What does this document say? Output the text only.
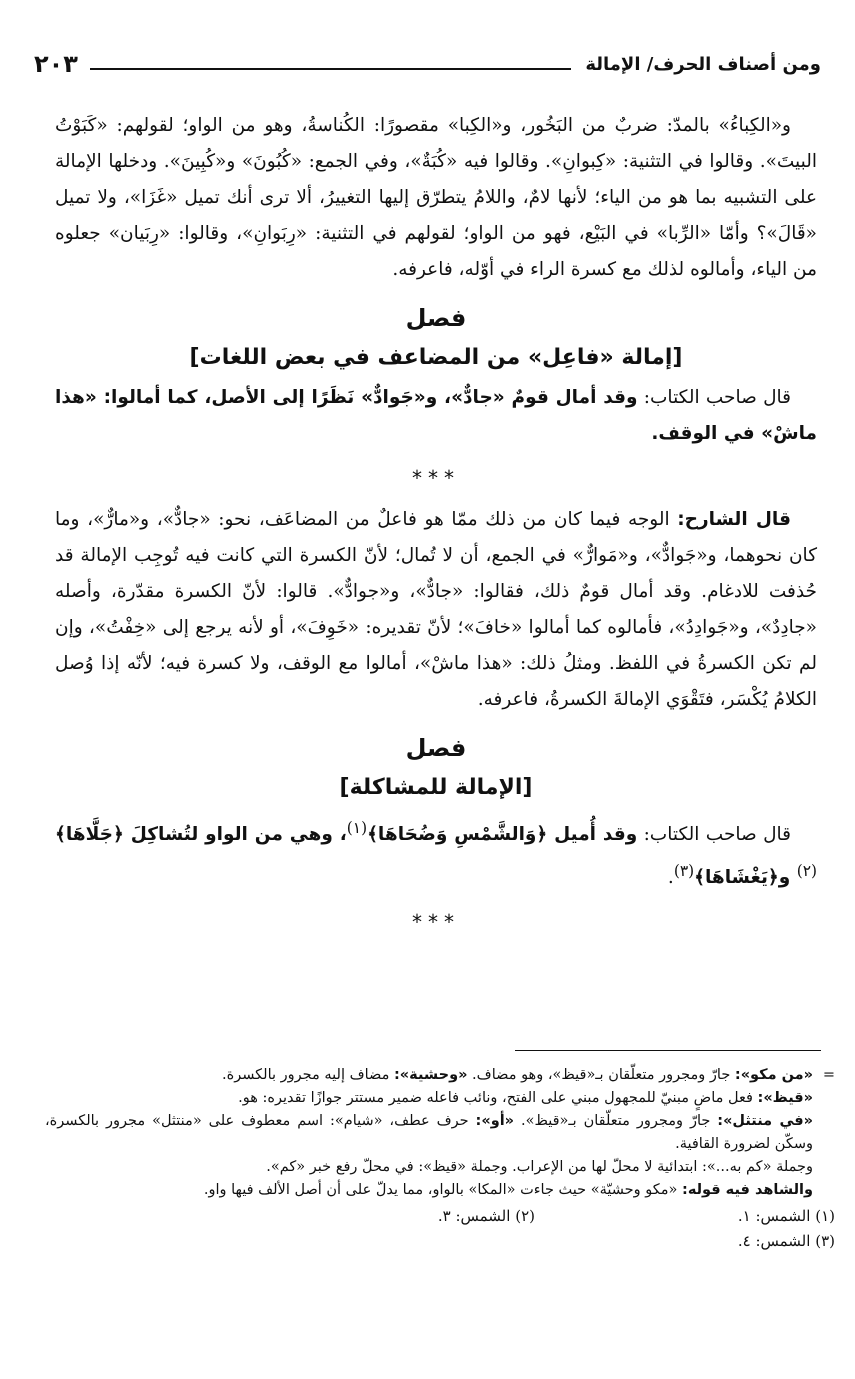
ومن أصناف الحرف/ الإمالة
٢٠٣

و«الكِباءُ» بالمدّ: ضربٌ من البَخُور، و«الكِبا» مقصورًا: الكُناسةُ، وهو من الواو؛ لقولهم: «كَبَوْتُ البيتَ». وقالوا في التثنية: «كِبوانِ». وقالوا فيه «كُبَةٌ»، وفي الجمع: «كُبُونَ» و«كُبِينَ». ودخلها الإمالة على التشبيه بما هو من الياء؛ لأنها لامٌ، واللامُ يتطرّق إليها التغييرُ، ألا ترى أنك تميل «غَزَا»، ولا تميل «قَالَ»؟ وأمّا «الرِّبا» في البَيْع، فهو من الواو؛ لقولهم في التثنية: «رِبَوانِ»، وقالوا: «رِبَيان» جعلوه من الياء، وأمالوه لذلك مع كسرة الراء في أوّله، فاعرفه.

فصل

[إمالة «فاعِل» من المضاعف في بعض اللغات]

قال صاحب الكتاب: وقد أمال قومٌ «جادٌّ»، و«جَوادٌّ» نَظَرًا إلى الأصل، كما أمالوا: «هذا ماشْ» في الوقف.

***

قال الشارح: الوجه فيما كان من ذلك ممّا هو فاعلٌ من المضاعَف، نحو: «جادٌّ»، و«مارٌّ»، وما كان نحوهما، و«جَوادٌّ»، و«مَوارٌّ» في الجمع، أن لا تُمال؛ لأنّ الكسرة التي كانت فيه تُوجِب الإمالة قد حُذفت للادغام. وقد أمال قومٌ ذلك، فقالوا: «جادٌّ»، و«جوادٌّ». قالوا: لأنّ الكسرة مقدّرة، وأصله «جادِدٌ»، و«جَوادِدُ»، فأمالوه كما أمالوا «خافَ»؛ لأنّ تقديره: «خَوِفَ»، أو لأنه يرجع إلى «خِفْتُ»، وإن لم تكن الكسرةُ في اللفظ. ومثلُ ذلك: «هذا ماشْ»، أمالوا مع الوقف، ولا كسرة فيه؛ لأنّه إذا وُصل الكلامُ يُكْسَر، فتَقْوَي الإمالةَ الكسرةُ، فاعرفه.

فصل

[الإمالة للمشاكلة]

قال صاحب الكتاب: وقد أُميل ﴿وَالشَّمْسِ وَضُحَاهَا﴾$^{(١)}$، وهي من الواو لتُشاكِلَ ﴿جَلَّاهَا﴾$^{(٢)}$ و﴿يَغْشَاهَا﴾$^{(٣)}$.

***

=
«من مكو»: جارّ ومجرور متعلّقان بـ«قيظ»، وهو مضاف. «وحشية»: مضاف إليه مجرور بالكسرة.

«قيظ»: فعل ماضٍ مبنيّ للمجهول مبني على الفتح، ونائب فاعله ضمير مستتر جوازًا تقديره: هو.

«في منتثل»: جارّ ومجرور متعلّقان بـ«قيظ». «أو»: حرف عطف، «شيام»: اسم معطوف على «منتثل» مجرور بالكسرة، وسكّن لضرورة القافية.

وجملة «كم به...»: ابتدائية لا محلّ لها من الإعراب. وجملة «قيظ»: في محلّ رفع خبر «كم».

والشاهد فيه قوله: «مكو وحشيّة» حيث جاءت «المكا» بالواو، مما يدلّ على أن أصل الألف فيها واو.

(١) الشمس: ١.
(٢) الشمس: ٣.
(٣) الشمس: ٤.
